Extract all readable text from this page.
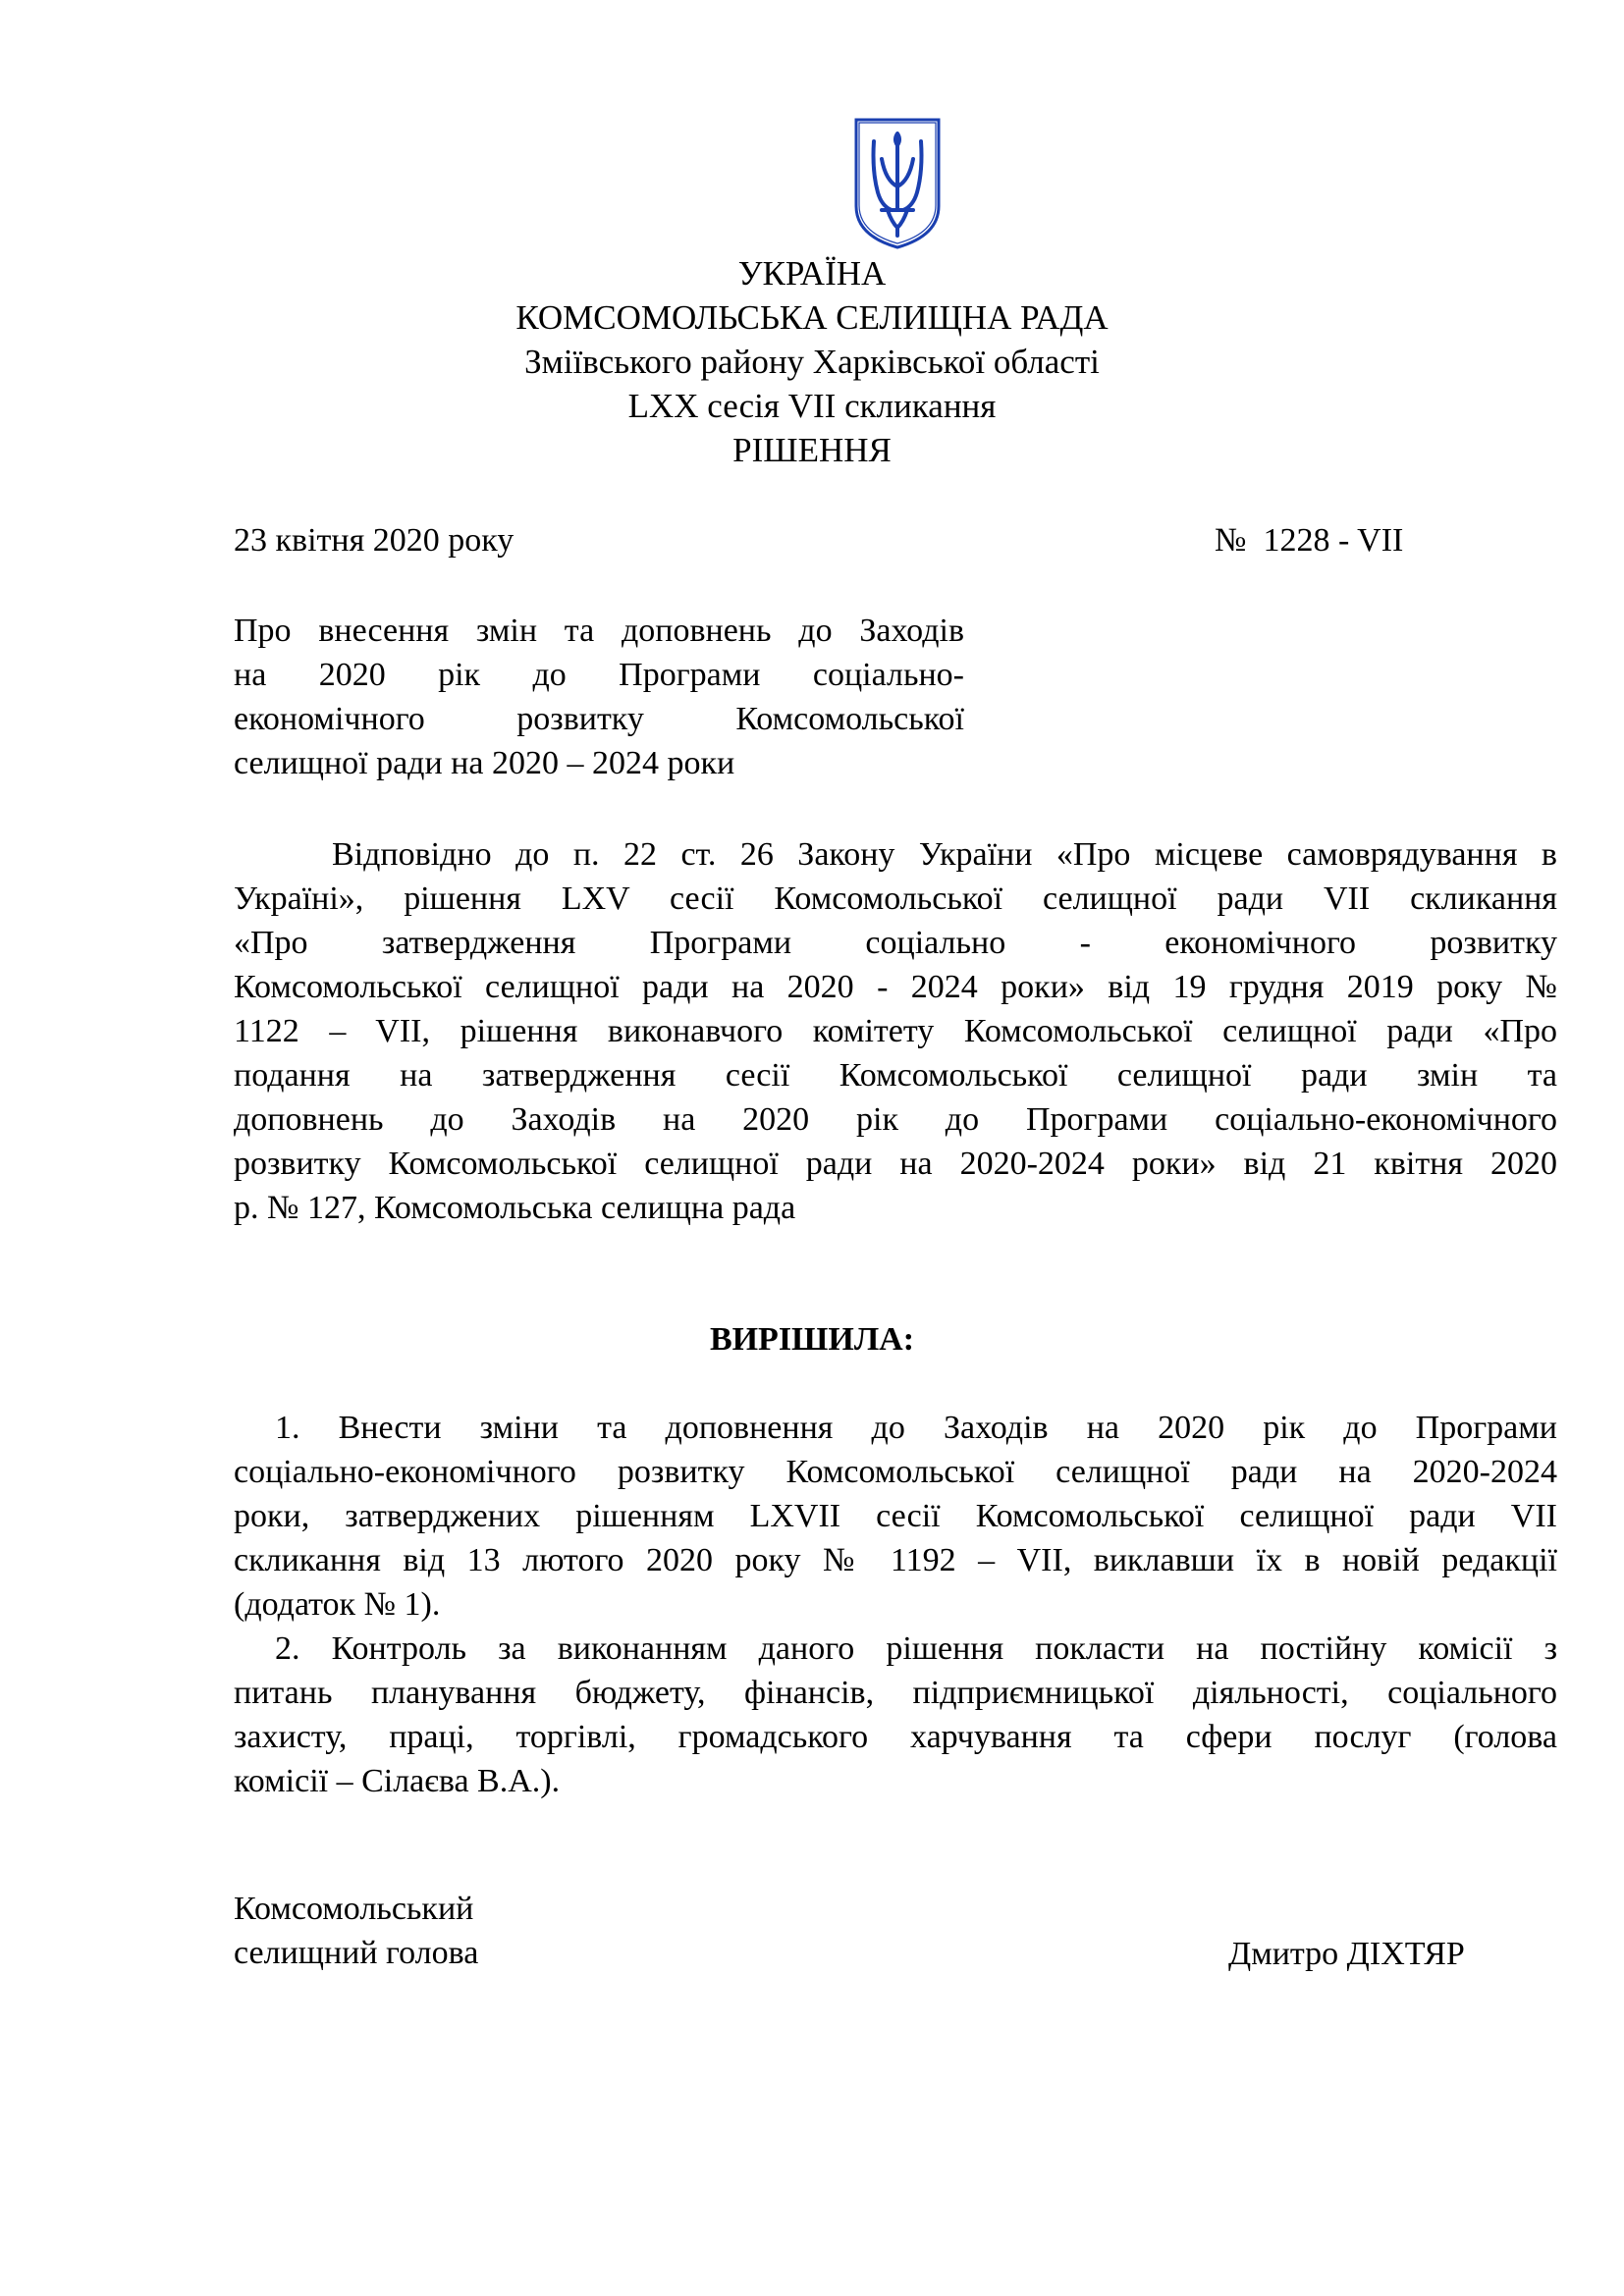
УКРАЇНА
КОМСОМОЛЬСЬКА СЕЛИЩНА РАДА
Зміївського району Харківської області
LXX сесія VII скликання
РІШЕННЯ
23 квітня 2020 року	№  1228 - VII
Про внесення змін та доповнень до Заходів
на 2020 рік до Програми соціально-
економічного розвитку Комсомольської
селищної ради на 2020 – 2024 роки
Відповідно до п. 22 ст. 26 Закону України «Про місцеве самоврядування в
Україні», рішення LXV сесії Комсомольської селищної ради VII скликання
«Про затвердження Програми соціально - економічного розвитку
Комсомольської селищної ради на 2020 - 2024 роки» від 19 грудня 2019 року №
1122 – VII, рішення виконавчого комітету Комсомольської селищної ради «Про
подання на затвердження сесії Комсомольської селищної ради змін та
доповнень до Заходів на 2020 рік до Програми соціально-економічного
розвитку Комсомольської селищної ради на 2020-2024 роки» від 21 квітня 2020
р. № 127, Комсомольська селищна рада
ВИРІШИЛА:
1. Внести зміни та доповнення до Заходів на 2020 рік до Програми
соціально-економічного розвитку Комсомольської селищної ради на 2020-2024
роки, затверджених рішенням LXVII сесії Комсомольської селищної ради VII
скликання від 13 лютого 2020 року № 1192 – VII, виклавши їх в новій редакції
(додаток № 1).
2. Контроль за виконанням даного рішення покласти на постійну комісії з
питань планування бюджету, фінансів, підприємницької діяльності, соціального
захисту, праці, торгівлі, громадського харчування та сфери послуг (голова
комісії – Сілаєва В.А.).
Комсомольський
селищний голова	Дмитро ДІХТЯР
